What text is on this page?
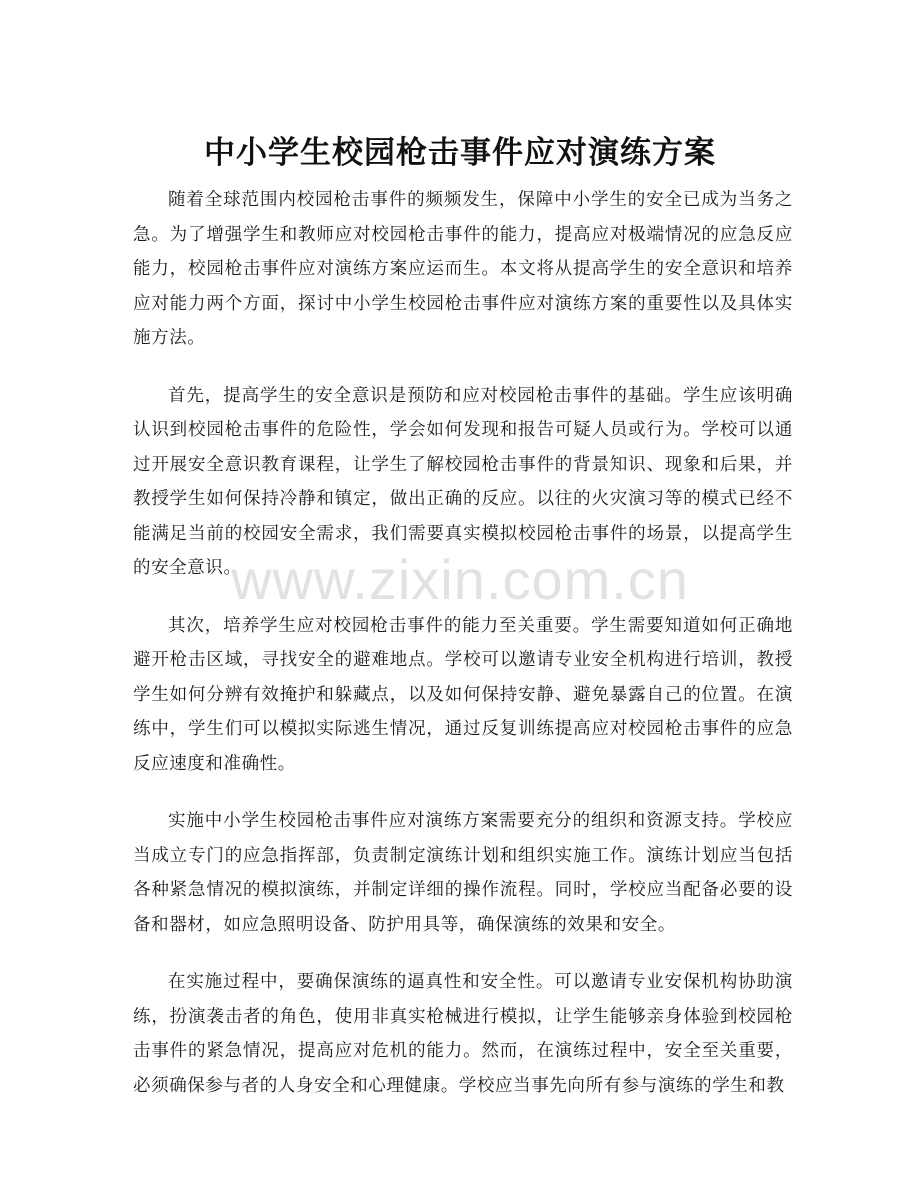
中小学生校园枪击事件应对演练方案

随着全球范围内校园枪击事件的频频发生，保障中小学生的安全已成为当务之急。为了增强学生和教师应对校园枪击事件的能力，提高应对极端情况的应急反应能力，校园枪击事件应对演练方案应运而生。本文将从提高学生的安全意识和培养应对能力两个方面，探讨中小学生校园枪击事件应对演练方案的重要性以及具体实施方法。

首先，提高学生的安全意识是预防和应对校园枪击事件的基础。学生应该明确认识到校园枪击事件的危险性，学会如何发现和报告可疑人员或行为。学校可以通过开展安全意识教育课程，让学生了解校园枪击事件的背景知识、现象和后果，并教授学生如何保持冷静和镇定，做出正确的反应。以往的火灾演习等的模式已经不能满足当前的校园安全需求，我们需要真实模拟校园枪击事件的场景，以提高学生的安全意识。

其次，培养学生应对校园枪击事件的能力至关重要。学生需要知道如何正确地避开枪击区域，寻找安全的避难地点。学校可以邀请专业安全机构进行培训，教授学生如何分辨有效掩护和躲藏点，以及如何保持安静、避免暴露自己的位置。在演练中，学生们可以模拟实际逃生情况，通过反复训练提高应对校园枪击事件的应急反应速度和准确性。

实施中小学生校园枪击事件应对演练方案需要充分的组织和资源支持。学校应当成立专门的应急指挥部，负责制定演练计划和组织实施工作。演练计划应当包括各种紧急情况的模拟演练，并制定详细的操作流程。同时，学校应当配备必要的设备和器材，如应急照明设备、防护用具等，确保演练的效果和安全。

在实施过程中，要确保演练的逼真性和安全性。可以邀请专业安保机构协助演练，扮演袭击者的角色，使用非真实枪械进行模拟，让学生能够亲身体验到校园枪击事件的紧急情况，提高应对危机的能力。然而，在演练过程中，安全至关重要，必须确保参与者的人身安全和心理健康。学校应当事先向所有参与演练的学生和教

www.zixin.com.cn
